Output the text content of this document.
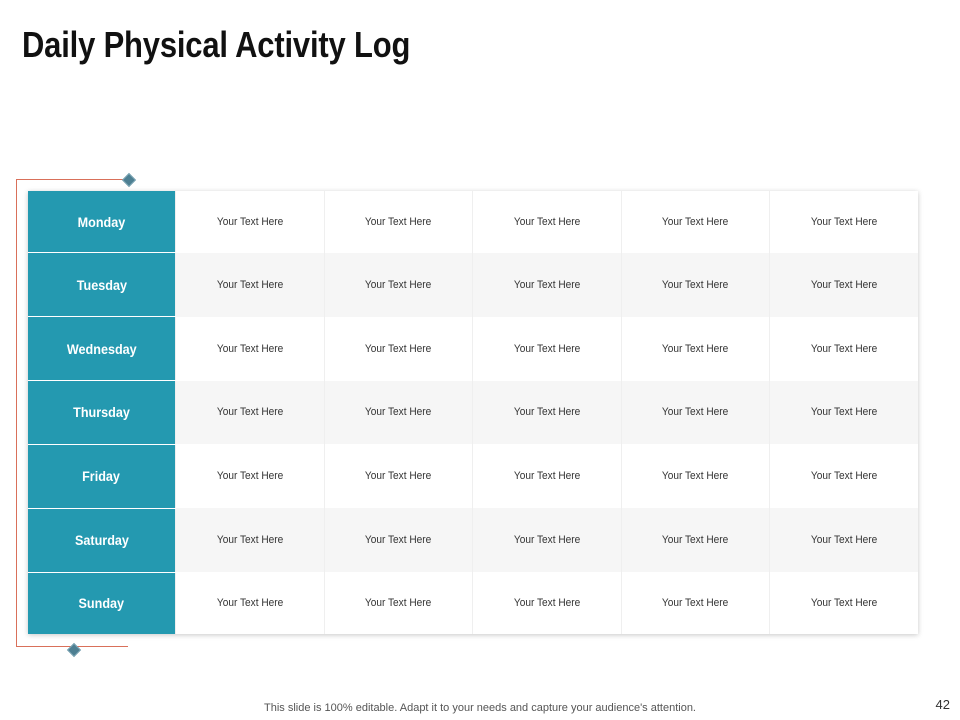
Daily Physical Activity Log
Monday	Your Text Here	Your Text Here	Your Text Here	Your Text Here	Your Text Here
Tuesday	Your Text Here	Your Text Here	Your Text Here	Your Text Here	Your Text Here
Wednesday	Your Text Here	Your Text Here	Your Text Here	Your Text Here	Your Text Here
Thursday	Your Text Here	Your Text Here	Your Text Here	Your Text Here	Your Text Here
Friday	Your Text Here	Your Text Here	Your Text Here	Your Text Here	Your Text Here
Saturday	Your Text Here	Your Text Here	Your Text Here	Your Text Here	Your Text Here
Sunday	Your Text Here	Your Text Here	Your Text Here	Your Text Here	Your Text Here
This slide is 100% editable. Adapt it to your needs and capture your audience's attention.	42
